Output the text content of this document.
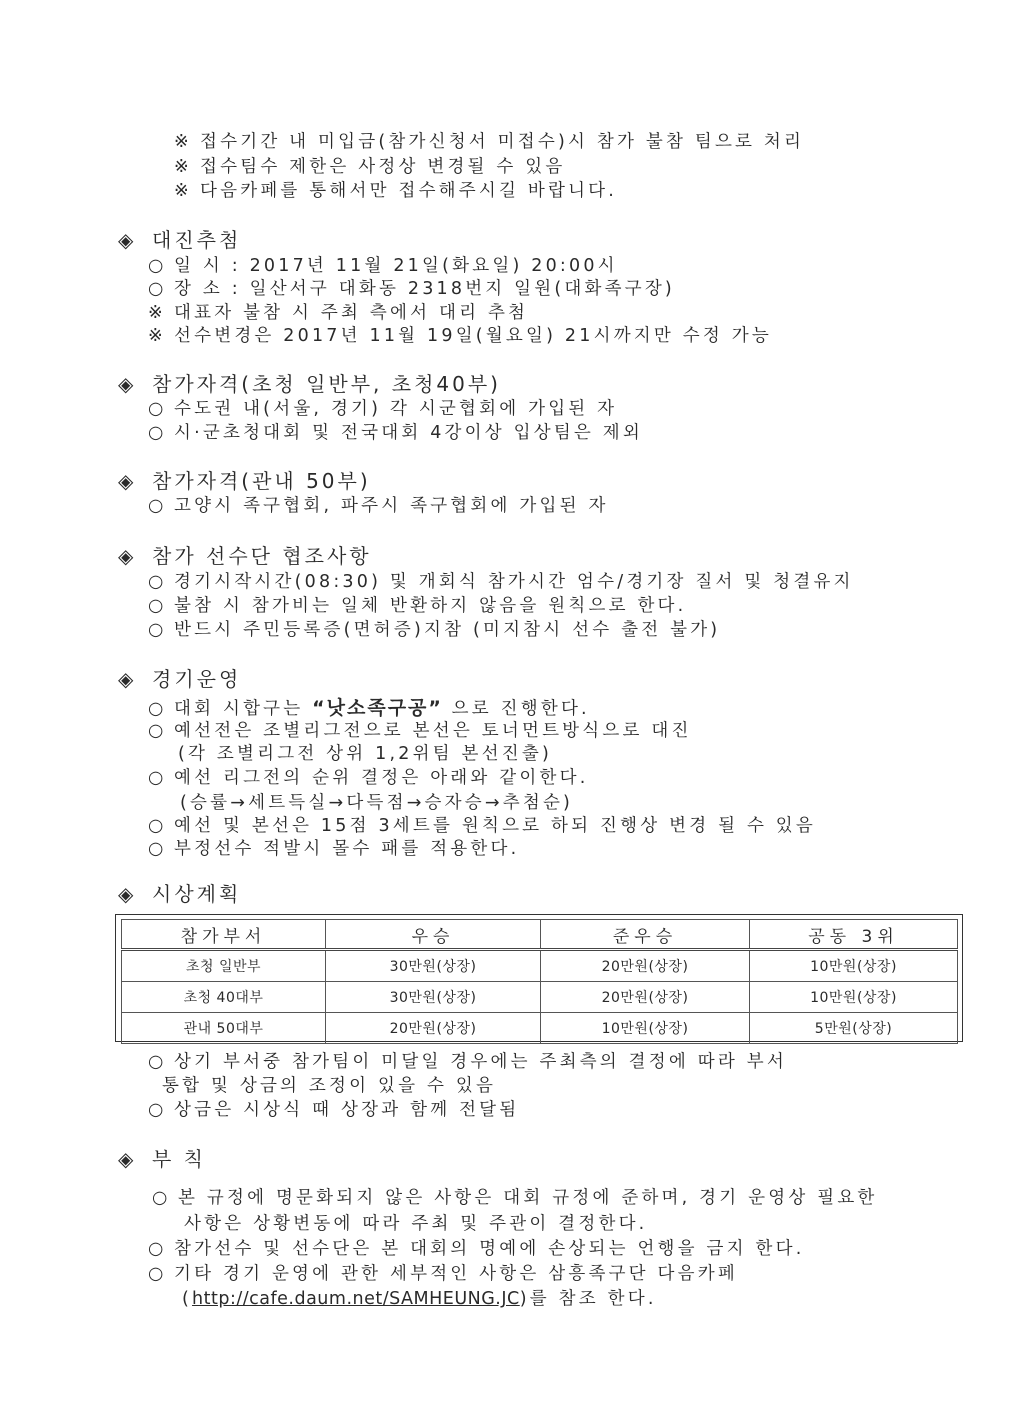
※ 접수기간 내 미입금(참가신청서 미접수)시 참가 불참 팀으로 처리
※ 접수팀수 제한은 사정상 변경될 수 있음
※ 다음카페를 통해서만 접수해주시길 바랍니다.
◈ 대진추첨
○ 일 시 : 2017년 11월 21일(화요일) 20:00시
○ 장 소 : 일산서구 대화동 2318번지 일원(대화족구장)
※ 대표자 불참 시 주최 측에서 대리 추첨
※ 선수변경은 2017년 11월 19일(월요일) 21시까지만 수정 가능
◈ 참가자격(초청 일반부, 초청40부)
○ 수도권 내(서울, 경기) 각 시군협회에 가입된 자
○ 시·군초청대회 및 전국대회 4강이상 입상팀은 제외
◈ 참가자격(관내 50부)
○ 고양시 족구협회, 파주시 족구협회에 가입된 자
◈ 참가 선수단 협조사항
○ 경기시작시간(08:30) 및 개회식 참가시간 엄수/경기장 질서 및 청결유지
○ 불참 시 참가비는 일체 반환하지 않음을 원칙으로 한다.
○ 반드시 주민등록증(면허증)지참 (미지참시 선수 출전 불가)
◈ 경기운영
○ 대회 시합구는 “낫소족구공” 으로 진행한다.
○ 예선전은 조별리그전으로 본선은 토너먼트방식으로 대진
(각 조별리그전 상위 1,2위팀 본선진출)
○ 예선 리그전의 순위 결정은 아래와 같이한다.
(승률→세트득실→다득점→승자승→추첨순)
○ 예선 및 본선은 15점 3세트를 원칙으로 하되 진행상 변경 될 수 있음
○ 부정선수 적발시 몰수 패를 적용한다.
◈ 시상계획
참가부서	우승	준우승	공동 3위
초청 일반부	30만원(상장)	20만원(상장)	10만원(상장)
초청 40대부	30만원(상장)	20만원(상장)	10만원(상장)
관내 50대부	20만원(상장)	10만원(상장)	5만원(상장)
○ 상기 부서중 참가팀이 미달일 경우에는 주최측의 결정에 따라 부서
통합 및 상금의 조정이 있을 수 있음
○ 상금은 시상식 때 상장과 함께 전달됨
◈ 부 칙
○ 본 규정에 명문화되지 않은 사항은 대회 규정에 준하며, 경기 운영상 필요한
사항은 상황변동에 따라 주최 및 주관이 결정한다.
○ 참가선수 및 선수단은 본 대회의 명예에 손상되는 언행을 금지 한다.
○ 기타 경기 운영에 관한 세부적인 사항은 삼흥족구단 다음카페
(http://cafe.daum.net/SAMHEUNG.JC)를 참조 한다.
